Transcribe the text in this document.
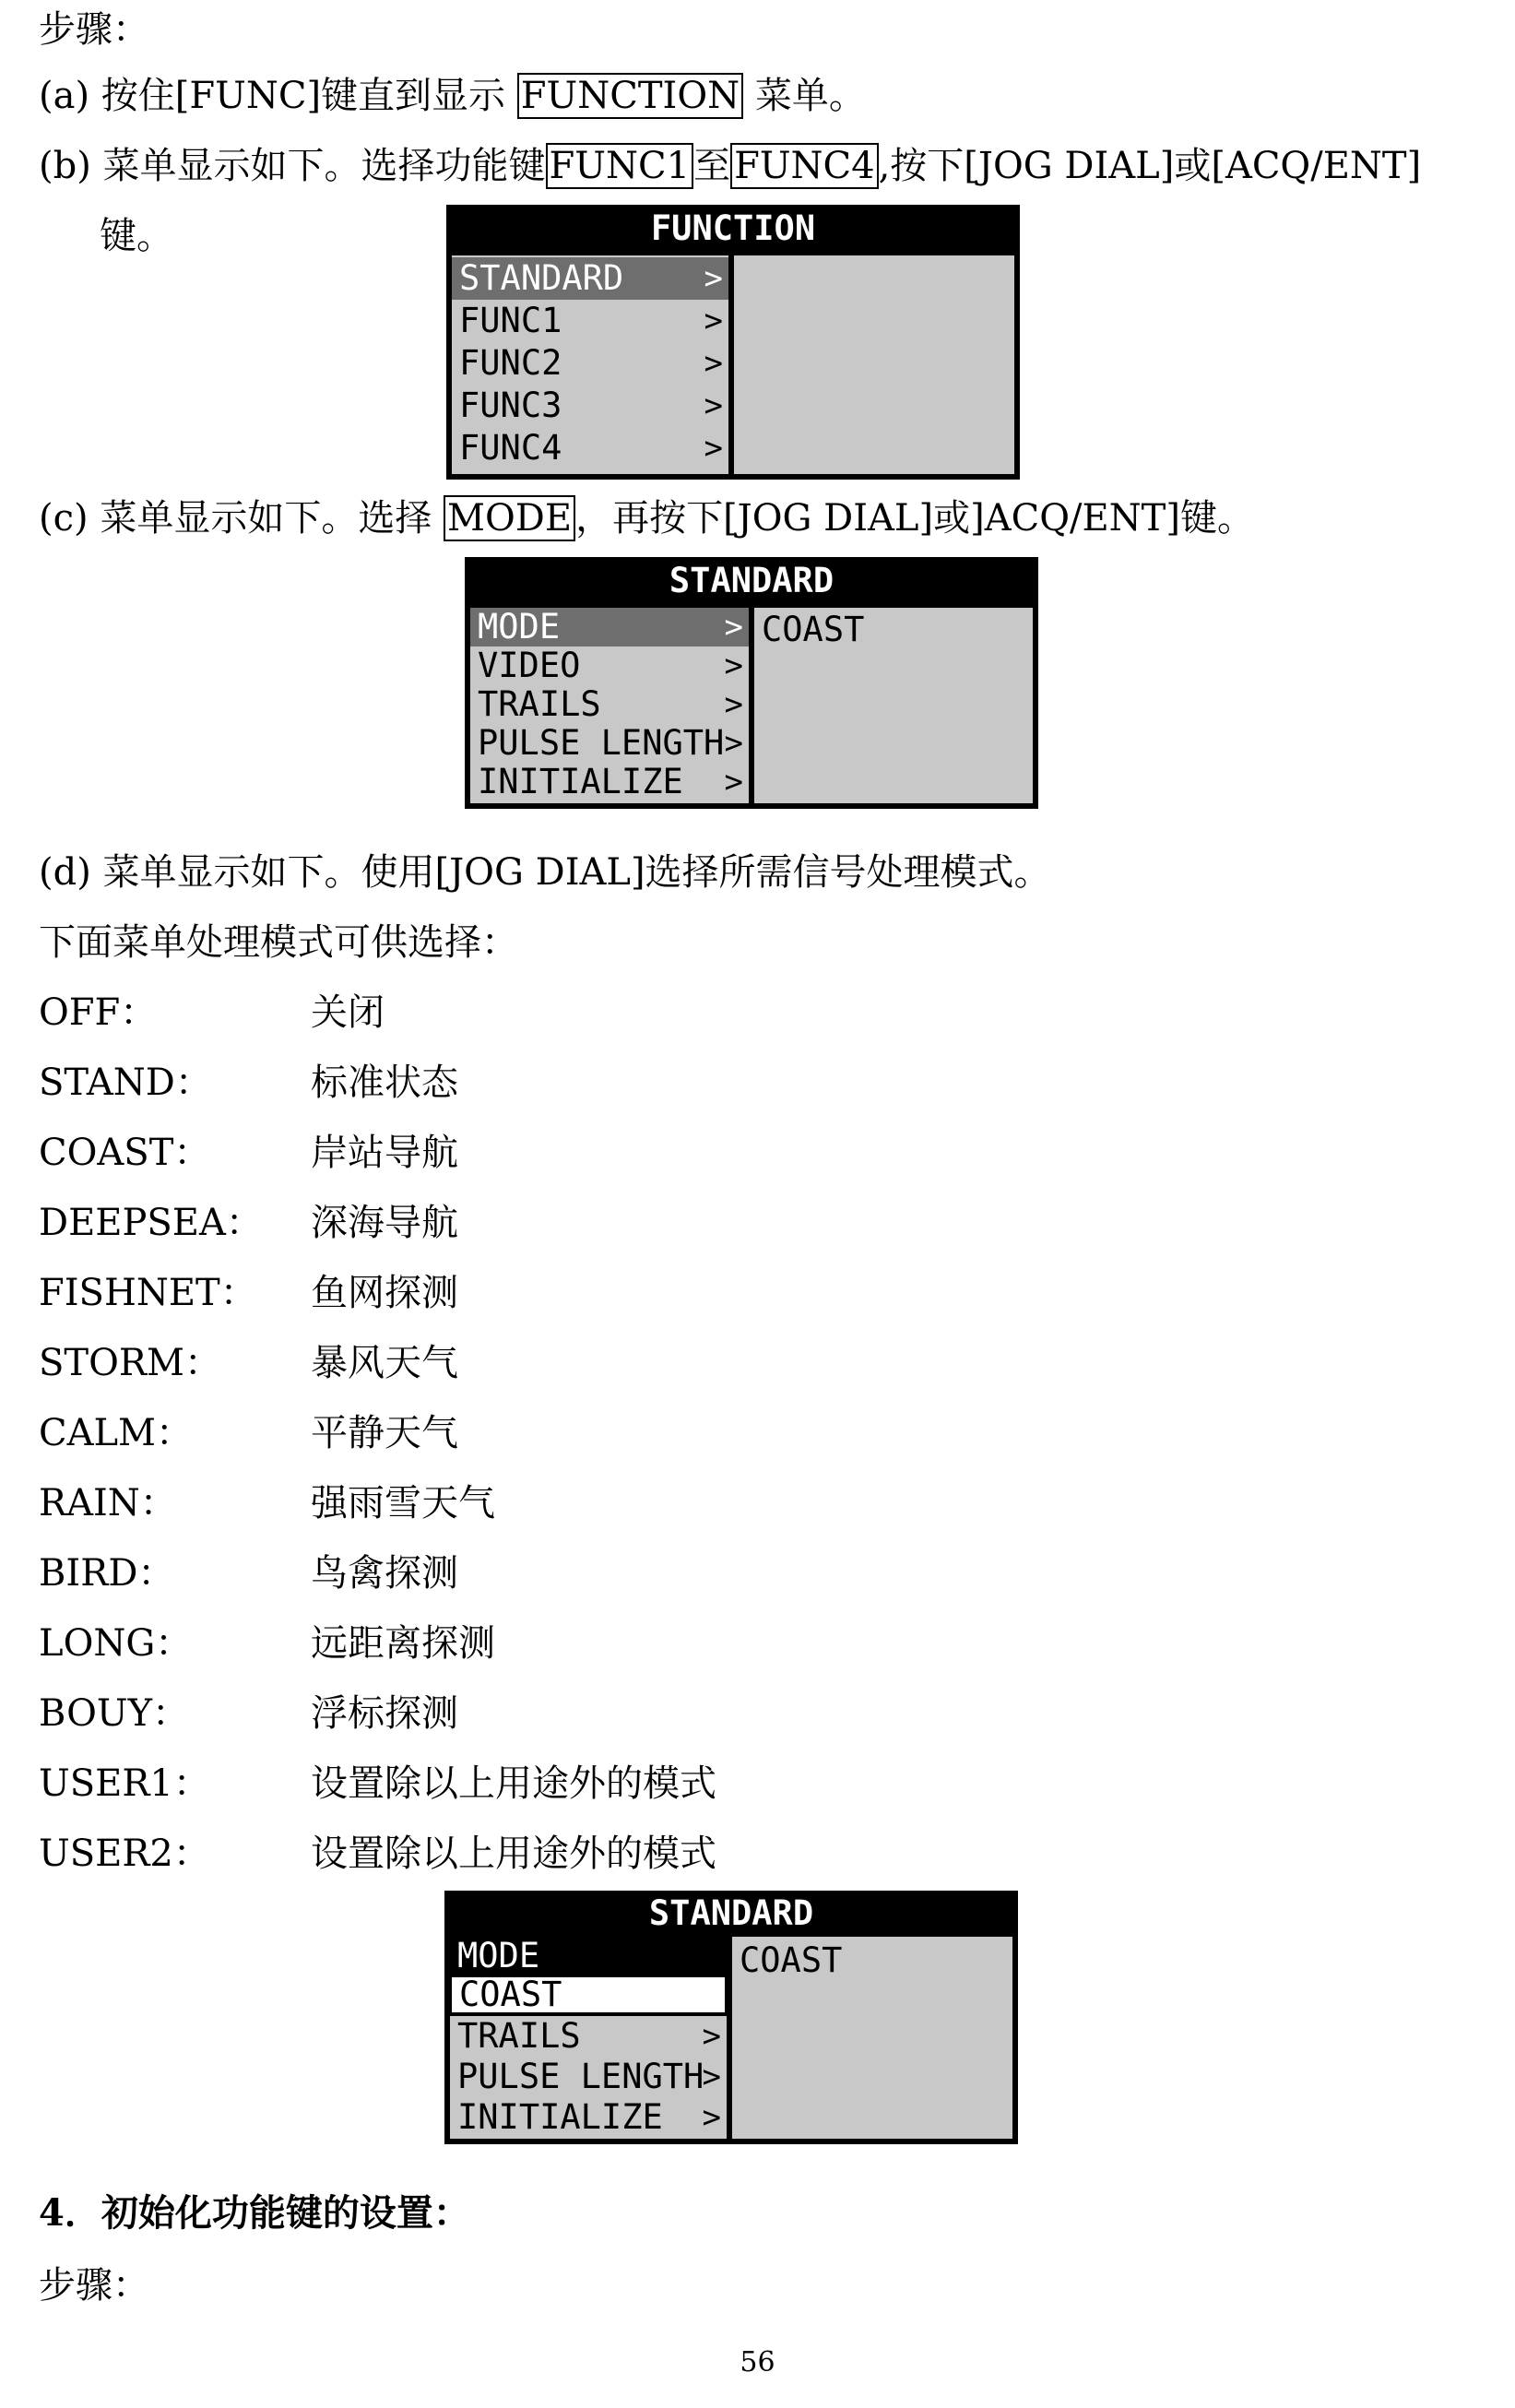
步骤：
(a) 按住[FUNC]键直到显示 FUNCTION 菜单。
(b) 菜单显示如下。选择功能键 FUNC1 至 FUNC4 ,按下[JOG DIAL]或[ACQ/ENT]
键。	FUNCTION
STANDARD	>
FUNC1	>
FUNC2	>
FUNC3	>
FUNC4	>
(c) 菜单显示如下。选择 MODE ，再按下[JOG DIAL]或]ACQ/ENT]键。
STANDARD
MODE	>
VIDEO	>
TRAILS	>
PULSE LENGTH >
INITIALIZE >
COAST
(d) 菜单显示如下。使用[JOG DIAL]选择所需信号处理模式。
下面菜单处理模式可供选择：
OFF：	关闭
STAND：	标准状态
COAST：	岸站导航
DEEPSEA： 深海导航
FISHNET： 鱼网探测
STORM： 暴风天气
CALM：	平静天气
RAIN：	强雨雪天气
BIRD：	鸟禽探测
LONG：	远距离探测
BOUY：	浮标探测
USER1：	设置除以上用途外的模式
USER2：	设置除以上用途外的模式
STANDARD
MODE
COAST
TRAILS	>
PULSE LENGTH
>
INITIALIZE >
COAST
4．初始化功能键的设置：
步骤：
56
